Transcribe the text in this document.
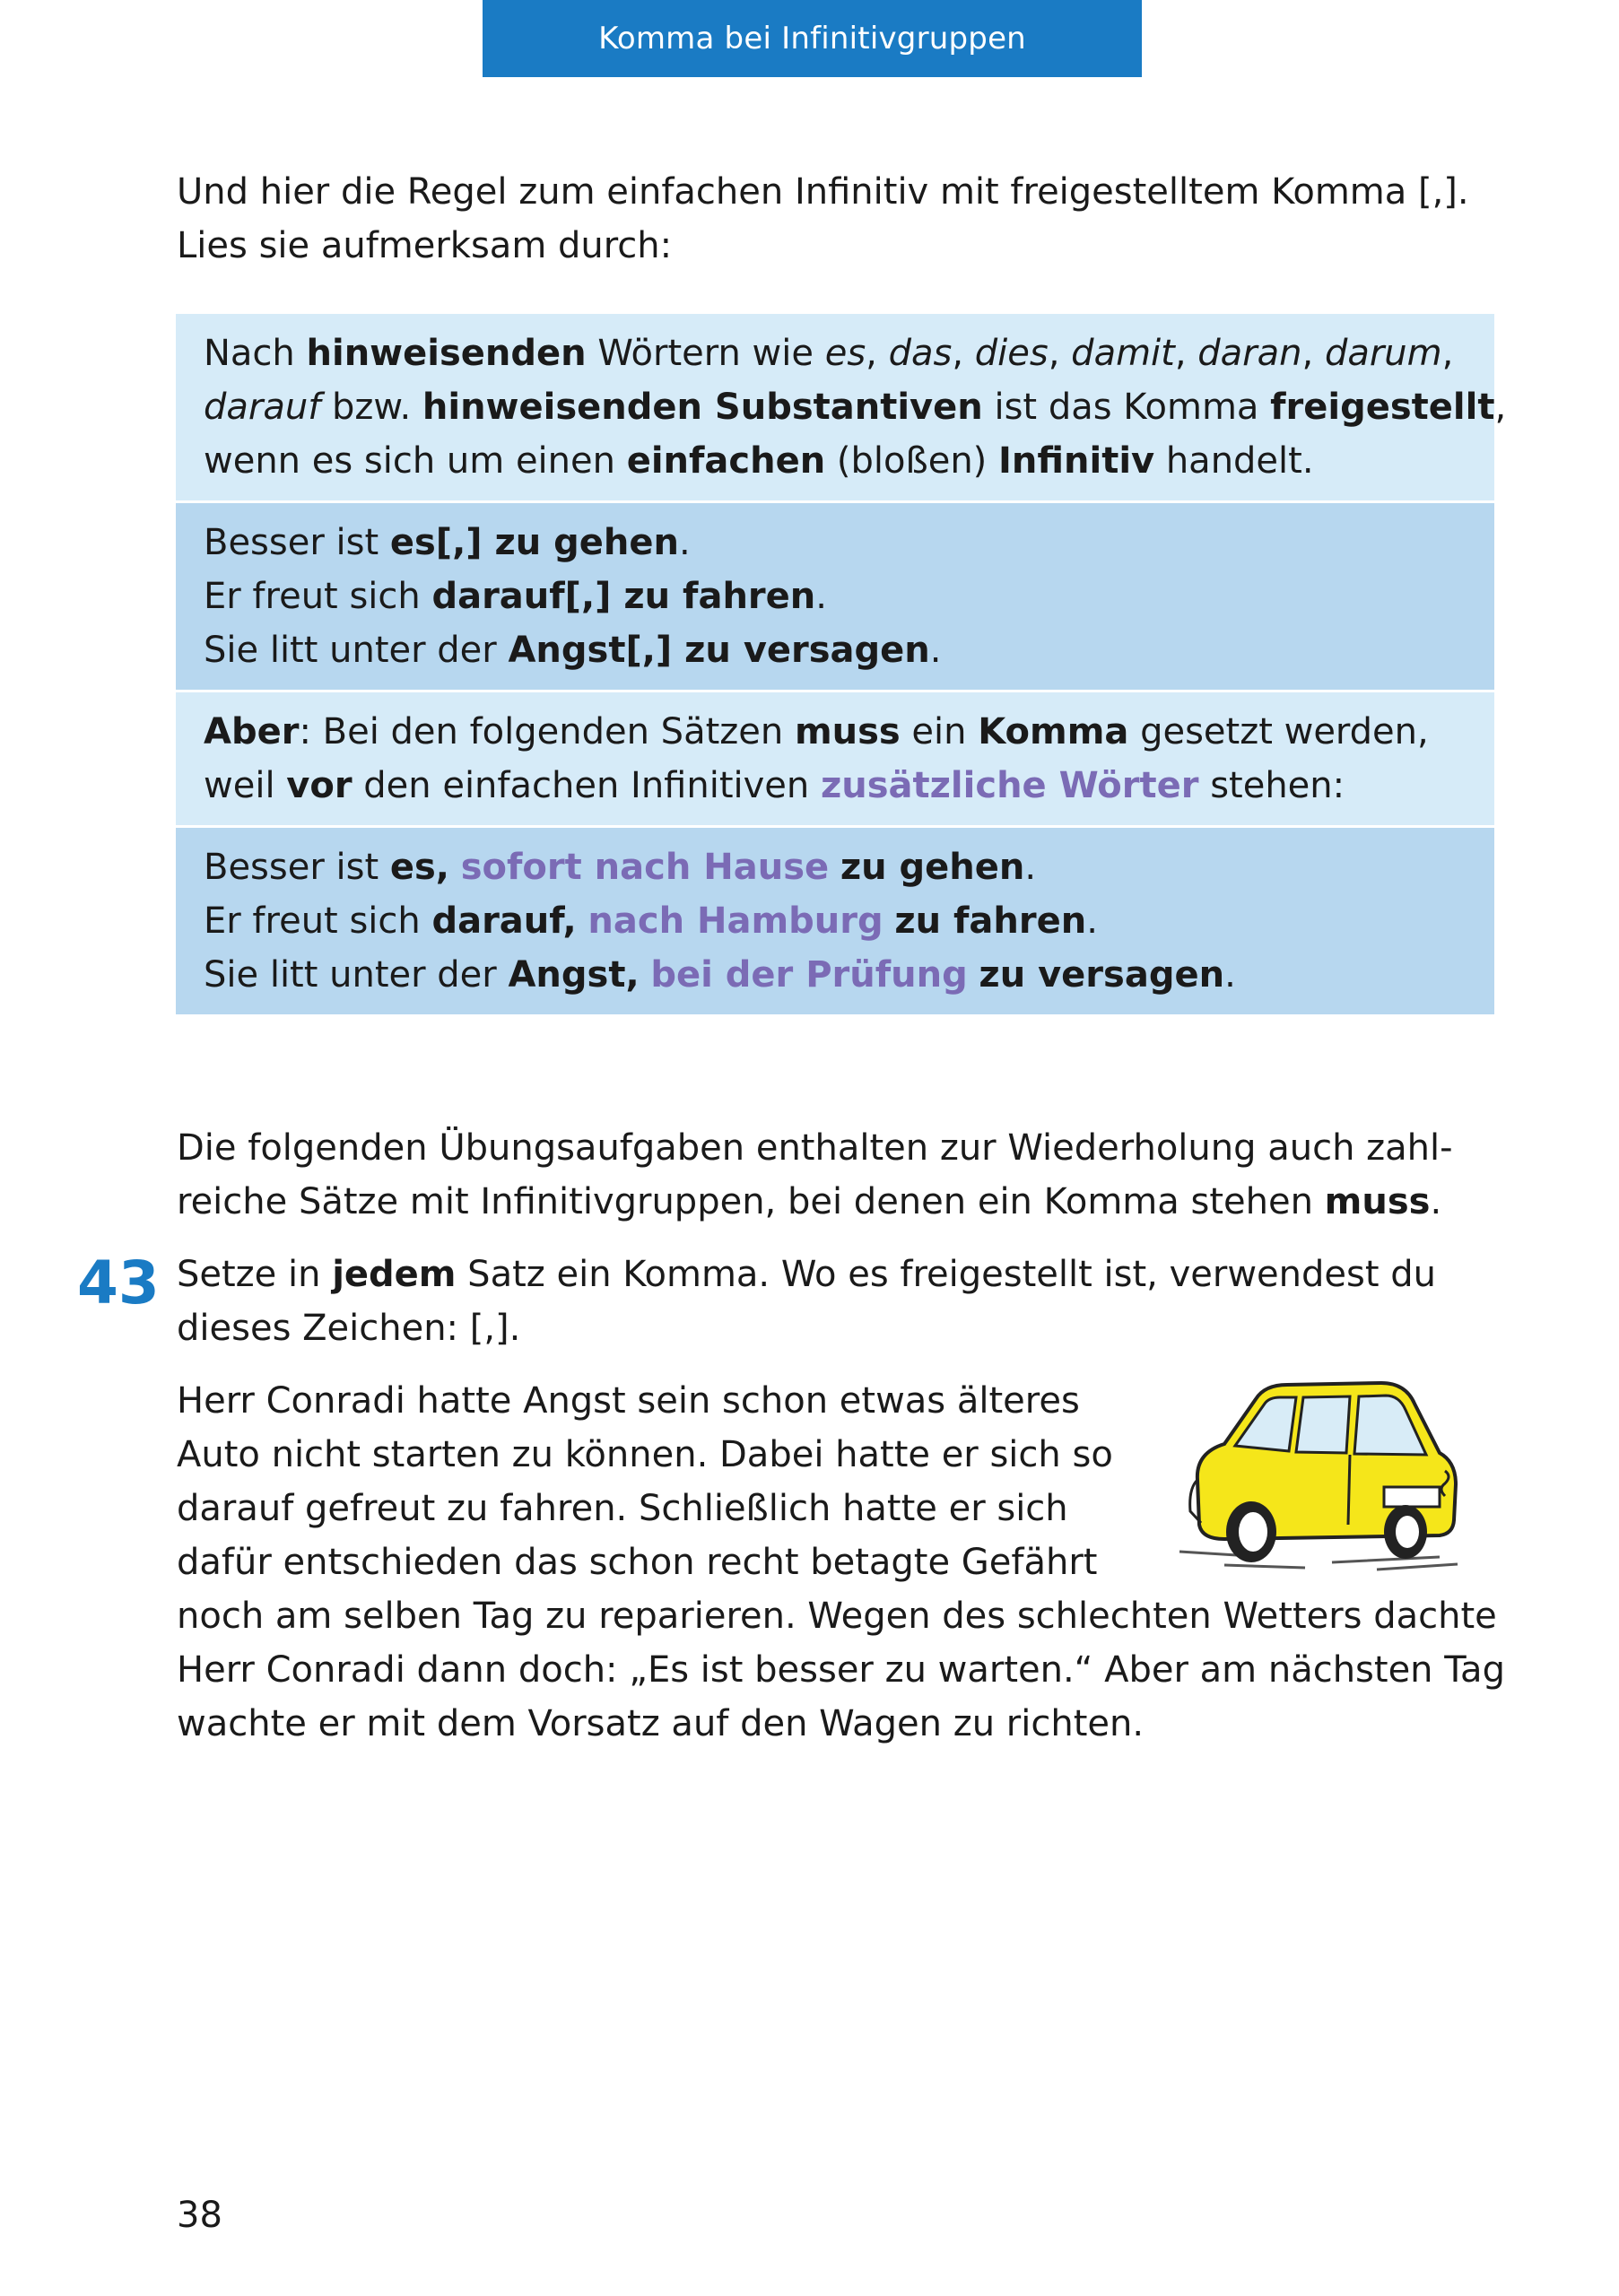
Komma bei Infinitivgruppen

Und hier die Regel zum einfachen Infinitiv mit freigestelltem Komma [,].
Lies sie aufmerksam durch:

Nach hinweisenden Wörtern wie es, das, dies, damit, daran, darum,
darauf bzw. hinweisenden Substantiven ist das Komma freigestellt,
wenn es sich um einen einfachen (bloßen) Infinitiv handelt.
Besser ist es[,] zu gehen.
Er freut sich darauf[,] zu fahren.
Sie litt unter der Angst[,] zu versagen.
Aber: Bei den folgenden Sätzen muss ein Komma gesetzt werden,
weil vor den einfachen Infinitiven zusätzliche Wörter stehen:
Besser ist es, sofort nach Hause zu gehen.
Er freut sich darauf, nach Hamburg zu fahren.
Sie litt unter der Angst, bei der Prüfung zu versagen.

Die folgenden Übungsaufgaben enthalten zur Wiederholung auch zahl-
reiche Sätze mit Infinitivgruppen, bei denen ein Komma stehen muss.

43 Setze in jedem Satz ein Komma. Wo es freigestellt ist, verwendest du
dieses Zeichen: [,].

Herr Conradi hatte Angst sein schon etwas älteres
Auto nicht starten zu können. Dabei hatte er sich so
darauf gefreut zu fahren. Schließlich hatte er sich
dafür entschieden das schon recht betagte Gefährt
noch am selben Tag zu reparieren. Wegen des schlechten Wetters dachte
Herr Conradi dann doch: „Es ist besser zu warten.“ Aber am nächsten Tag
wachte er mit dem Vorsatz auf den Wagen zu richten.

38
